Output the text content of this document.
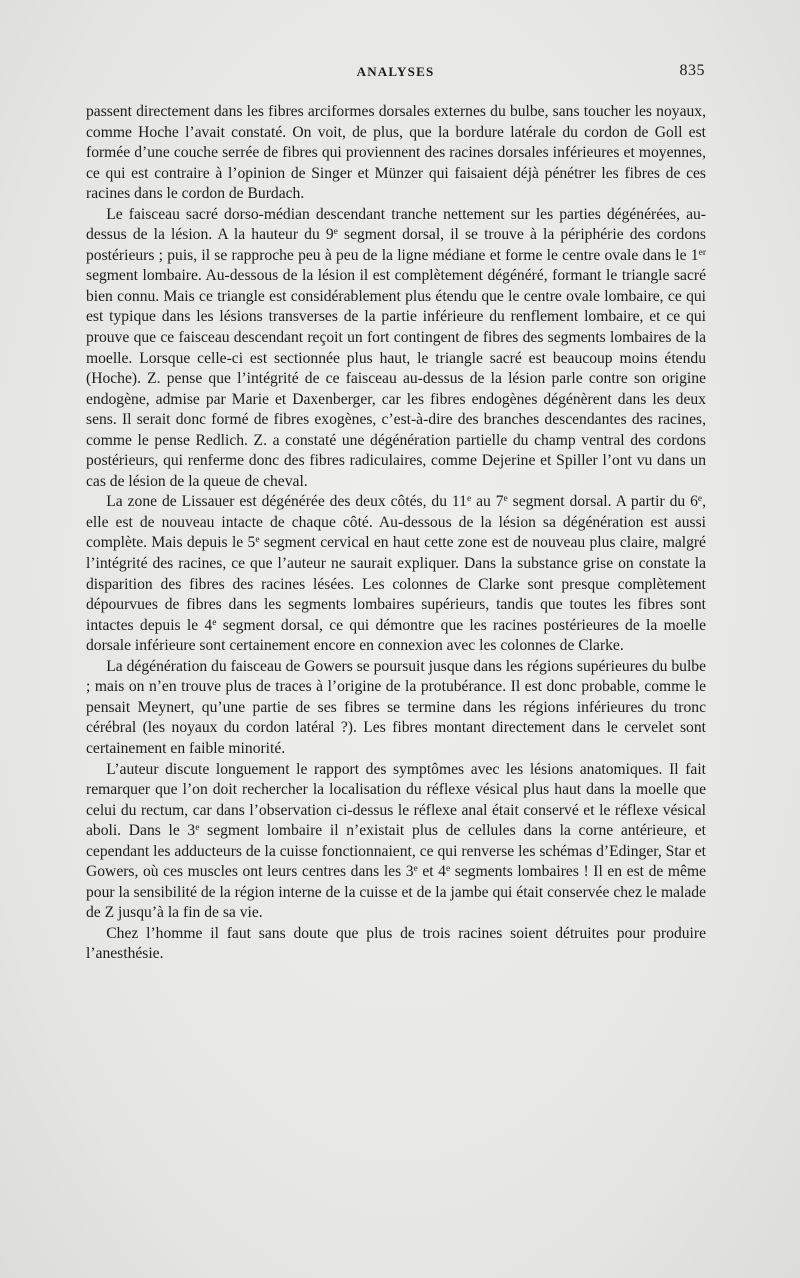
ANALYSES	835

passent directement dans les fibres arciformes dorsales externes du bulbe, sans toucher les noyaux, comme Hoche l’avait constaté. On voit, de plus, que la bordure latérale du cordon de Goll est formée d’une couche serrée de fibres qui proviennent des racines dorsales inférieures et moyennes, ce qui est contraire à l’opinion de Singer et Münzer qui faisaient déjà pénétrer les fibres de ces racines dans le cordon de Burdach.

Le faisceau sacré dorso-médian descendant tranche nettement sur les parties dégénérées, au-dessus de la lésion. A la hauteur du 9e segment dorsal, il se trouve à la périphérie des cordons postérieurs ; puis, il se rapproche peu à peu de la ligne médiane et forme le centre ovale dans le 1er segment lombaire. Au-dessous de la lésion il est complètement dégénéré, formant le triangle sacré bien connu. Mais ce triangle est considérablement plus étendu que le centre ovale lombaire, ce qui est typique dans les lésions transverses de la partie inférieure du renflement lombaire, et ce qui prouve que ce faisceau descendant reçoit un fort contingent de fibres des segments lombaires de la moelle. Lorsque celle-ci est sectionnée plus haut, le triangle sacré est beaucoup moins étendu (Hoche). Z. pense que l’intégrité de ce faisceau au-dessus de la lésion parle contre son origine endogène, admise par Marie et Daxenberger, car les fibres endogènes dégénèrent dans les deux sens. Il serait donc formé de fibres exogènes, c’est-à-dire des branches descendantes des racines, comme le pense Redlich. Z. a constaté une dégénération partielle du champ ventral des cordons postérieurs, qui renferme donc des fibres radiculaires, comme Dejerine et Spiller l’ont vu dans un cas de lésion de la queue de cheval.

La zone de Lissauer est dégénérée des deux côtés, du 11e au 7e segment dorsal. A partir du 6e, elle est de nouveau intacte de chaque côté. Au-dessous de la lésion sa dégénération est aussi complète. Mais depuis le 5e segment cervical en haut cette zone est de nouveau plus claire, malgré l’intégrité des racines, ce que l’auteur ne saurait expliquer. Dans la substance grise on constate la disparition des fibres des racines lésées. Les colonnes de Clarke sont presque complètement dépourvues de fibres dans les segments lombaires supérieurs, tandis que toutes les fibres sont intactes depuis le 4e segment dorsal, ce qui démontre que les racines postérieures de la moelle dorsale inférieure sont certainement encore en connexion avec les colonnes de Clarke.

La dégénération du faisceau de Gowers se poursuit jusque dans les régions supérieures du bulbe ; mais on n’en trouve plus de traces à l’origine de la protubérance. Il est donc probable, comme le pensait Meynert, qu’une partie de ses fibres se termine dans les régions inférieures du tronc cérébral (les noyaux du cordon latéral ?). Les fibres montant directement dans le cervelet sont certainement en faible minorité.

L’auteur discute longuement le rapport des symptômes avec les lésions anatomiques. Il fait remarquer que l’on doit rechercher la localisation du réflexe vésical plus haut dans la moelle que celui du rectum, car dans l’observation ci-dessus le réflexe anal était conservé et le réflexe vésical aboli. Dans le 3e segment lombaire il n’existait plus de cellules dans la corne antérieure, et cependant les adducteurs de la cuisse fonctionnaient, ce qui renverse les schémas d’Edinger, Star et Gowers, où ces muscles ont leurs centres dans les 3e et 4e segments lombaires ! Il en est de même pour la sensibilité de la région interne de la cuisse et de la jambe qui était conservée chez le malade de Z jusqu’à la fin de sa vie.

Chez l’homme il faut sans doute que plus de trois racines soient détruites pour produire l’anesthésie.
